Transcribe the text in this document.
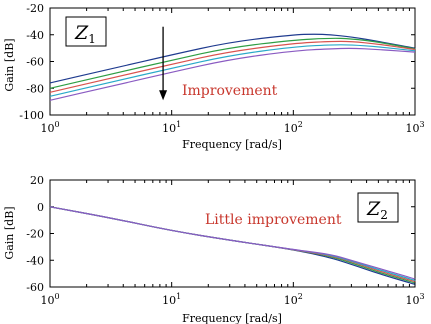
Gain [dB]
Frequency [rad/s]
$Z_1$
Improvement
-100
-80
-60
-40
-20
$10^0$	$10^1$	$10^2$	$10^3$
Gain [dB]
Frequency [rad/s]
$Z_2$
Little improvement
-60
-40
-20
0
20
$10^0$	$10^1$	$10^2$	$10^3$
